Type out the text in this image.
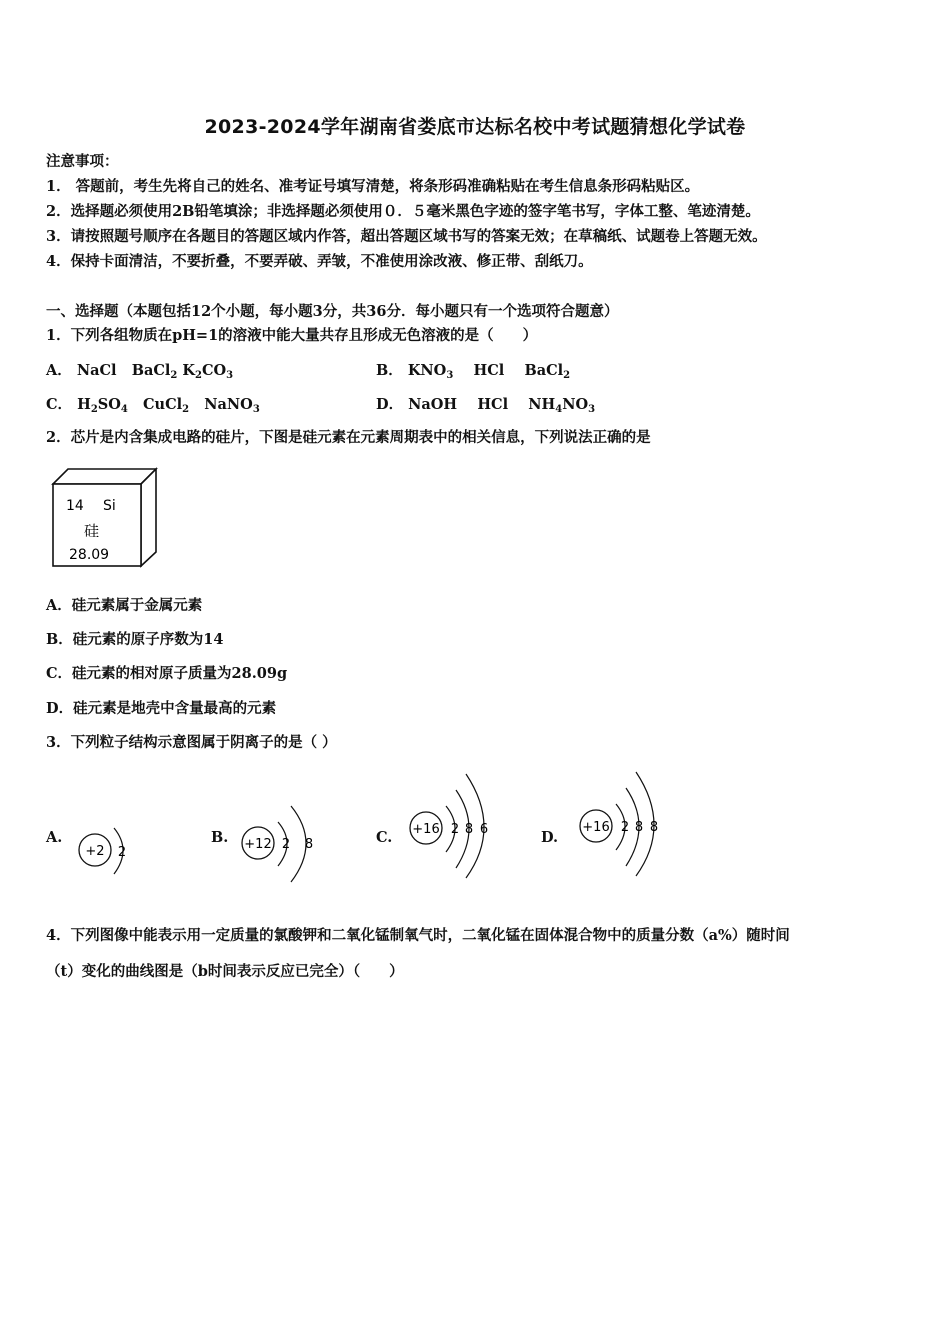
2023-2024学年湖南省娄底市达标名校中考试题猜想化学试卷
注意事项：
1． 答题前，考生先将自己的姓名、准考证号填写清楚，将条形码准确粘贴在考生信息条形码粘贴区。
2．选择题必须使用2B铅笔填涂；非选择题必须使用０．５毫米黑色字迹的签字笔书写，字体工整、笔迹清楚。
3．请按照题号顺序在各题目的答题区域内作答，超出答题区域书写的答案无效；在草稿纸、试题卷上答题无效。
4．保持卡面清洁，不要折叠，不要弄破、弄皱，不准使用涂改液、修正带、刮纸刀。
一、选择题（本题包括12个小题，每小题3分，共36分．每小题只有一个选项符合题意）
1．下列各组物质在pH=1的溶液中能大量共存且形成无色溶液的是（　　）
A． NaCl BaCl$_2$ $K_2CO_3$	B． $KNO_3$ HCl BaCl$_2$
C． $H_2SO_4$ CuCl$_2$ NaNO$_3$	D． NaOH HCl $NH_4NO_3$
2．芯片是内含集成电路的硅片，下图是硅元素在元素周期表中的相关信息，下列说法正确的是
14 Si
硅
28.09
A．硅元素属于金属元素
B．硅元素的原子序数为14
C．硅元素的相对原子质量为28.09g
D．硅元素是地壳中含量最高的元素
3．下列粒子结构示意图属于阴离子的是（ ）
A.
+2 2
B. +12 2 8	C. +16 2 8 6	D.
+16 2 8 8
4．下列图像中能表示用一定质量的氯酸钾和二氧化锰制氧气时，二氧化锰在固体混合物中的质量分数（a%）随时间
（t）变化的曲线图是（b时间表示反应已完全）（　　）
